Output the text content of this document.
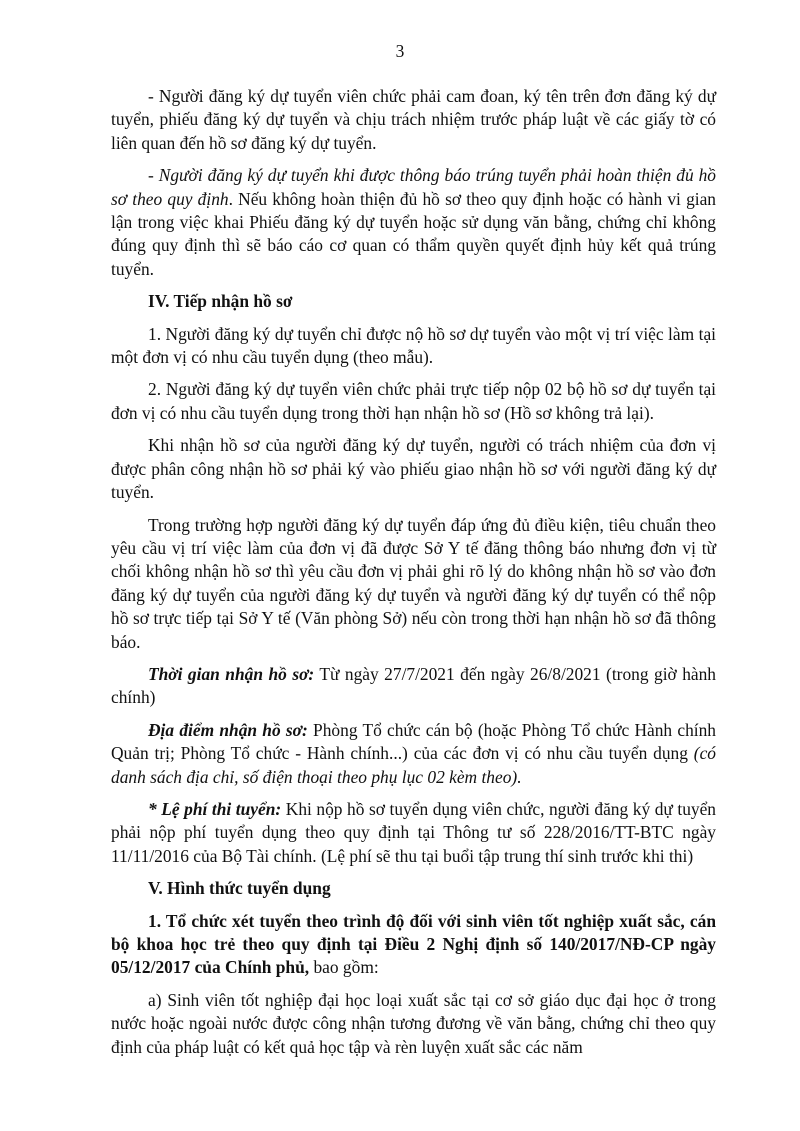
3

- Người đăng ký dự tuyển viên chức phải cam đoan, ký tên trên đơn đăng ký dự tuyển, phiếu đăng ký dự tuyển và chịu trách nhiệm trước pháp luật về các giấy tờ có liên quan đến hồ sơ đăng ký dự tuyển.

- Người đăng ký dự tuyển khi được thông báo trúng tuyển phải hoàn thiện đủ hồ sơ theo quy định. Nếu không hoàn thiện đủ hồ sơ theo quy định hoặc có hành vi gian lận trong việc khai Phiếu đăng ký dự tuyển hoặc sử dụng văn bằng, chứng chỉ không đúng quy định thì sẽ báo cáo cơ quan có thẩm quyền quyết định hủy kết quả trúng tuyển.

IV. Tiếp nhận hồ sơ

1. Người đăng ký dự tuyển chỉ được nộ hồ sơ dự tuyển vào một vị trí việc làm tại một đơn vị có nhu cầu tuyển dụng (theo mẫu).

2. Người đăng ký dự tuyển viên chức phải trực tiếp nộp 02 bộ hồ sơ dự tuyển tại đơn vị có nhu cầu tuyển dụng trong thời hạn nhận hồ sơ (Hồ sơ không trả lại).

Khi nhận hồ sơ của người đăng ký dự tuyển, người có trách nhiệm của đơn vị được phân công nhận hồ sơ phải ký vào phiếu giao nhận hồ sơ với người đăng ký dự tuyển.

Trong trường hợp người đăng ký dự tuyển đáp ứng đủ điều kiện, tiêu chuẩn theo yêu cầu vị trí việc làm của đơn vị đã được Sở Y tế đăng thông báo nhưng đơn vị từ chối không nhận hồ sơ thì yêu cầu đơn vị phải ghi rõ lý do không nhận hồ sơ vào đơn đăng ký dự tuyển của người đăng ký dự tuyển và người đăng ký dự tuyển có thể nộp hồ sơ trực tiếp tại Sở Y tế (Văn phòng Sở) nếu còn trong thời hạn nhận hồ sơ đã thông báo.

Thời gian nhận hồ sơ: Từ ngày 27/7/2021 đến ngày 26/8/2021 (trong giờ hành chính)

Địa điểm nhận hồ sơ: Phòng Tổ chức cán bộ (hoặc Phòng Tổ chức Hành chính Quản trị; Phòng Tổ chức - Hành chính...) của các đơn vị có nhu cầu tuyển dụng (có danh sách địa chỉ, số điện thoại theo phụ lục 02 kèm theo).

* Lệ phí thi tuyển: Khi nộp hồ sơ tuyển dụng viên chức, người đăng ký dự tuyển phải nộp phí tuyển dụng theo quy định tại Thông tư số 228/2016/TT-BTC ngày 11/11/2016 của Bộ Tài chính. (Lệ phí sẽ thu tại buổi tập trung thí sinh trước khi thi)

V. Hình thức tuyển dụng

1. Tổ chức xét tuyển theo trình độ đối với sinh viên tốt nghiệp xuất sắc, cán bộ khoa học trẻ theo quy định tại Điều 2 Nghị định số 140/2017/NĐ-CP ngày 05/12/2017 của Chính phủ, bao gồm:

a) Sinh viên tốt nghiệp đại học loại xuất sắc tại cơ sở giáo dục đại học ở trong nước hoặc ngoài nước được công nhận tương đương về văn bằng, chứng chỉ theo quy định của pháp luật có kết quả học tập và rèn luyện xuất sắc các năm
